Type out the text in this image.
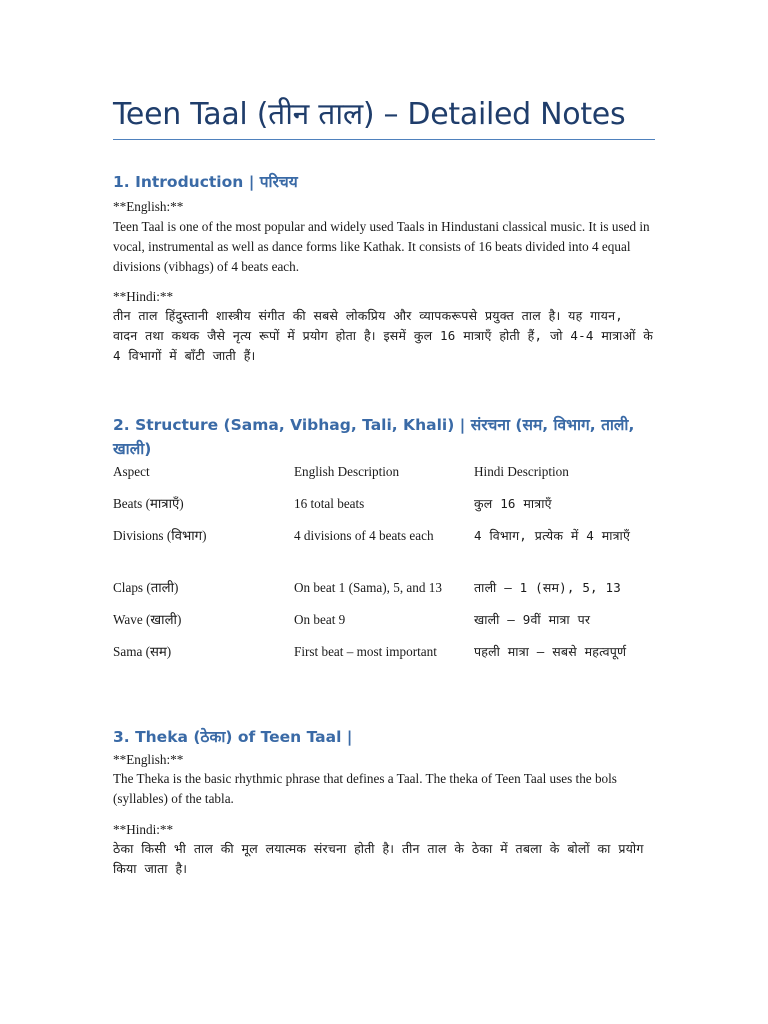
Teen Taal (तीन ताल) – Detailed Notes
1. Introduction | परिचय
**English:**
Teen Taal is one of the most popular and widely used Taals in Hindustani classical music. It is used in vocal, instrumental as well as dance forms like Kathak. It consists of 16 beats divided into 4 equal divisions (vibhags) of 4 beats each.
**Hindi:**
तीन ताल हिंदुस्तानी शास्त्रीय संगीत की सबसे लोकप्रिय और व्यापकरूपसे प्रयुक्त ताल है। यह गायन, वादन तथा कथक जैसे नृत्य रूपों में प्रयोग होता है। इसमें कुल 16 मात्राएँ होती हैं, जो 4-4 मात्राओं के 4 विभागों में बाँटी जाती हैं।
2. Structure (Sama, Vibhag, Tali, Khali) | संरचना (सम, विभाग, ताली, खाली)
Aspect	English Description	Hindi Description
Beats (मात्राएँ)	16 total beats	कुल 16 मात्राएँ
Divisions (विभाग)	4 divisions of 4 beats each	4 विभाग, प्रत्येक में 4 मात्राएँ
Claps (ताली)	On beat 1 (Sama), 5, and 13	ताली – 1 (सम), 5, 13
Wave (खाली)	On beat 9	खाली – 9वीं मात्रा पर
Sama (सम)	First beat – most important	पहली मात्रा – सबसे महत्वपूर्ण
3. Theka (ठेका) of Teen Taal |
**English:**
The Theka is the basic rhythmic phrase that defines a Taal. The theka of Teen Taal uses the bols (syllables) of the tabla.
**Hindi:**
ठेका किसी भी ताल की मूल लयात्मक संरचना होती है। तीन ताल के ठेका में तबला के बोलों का प्रयोग किया जाता है।
